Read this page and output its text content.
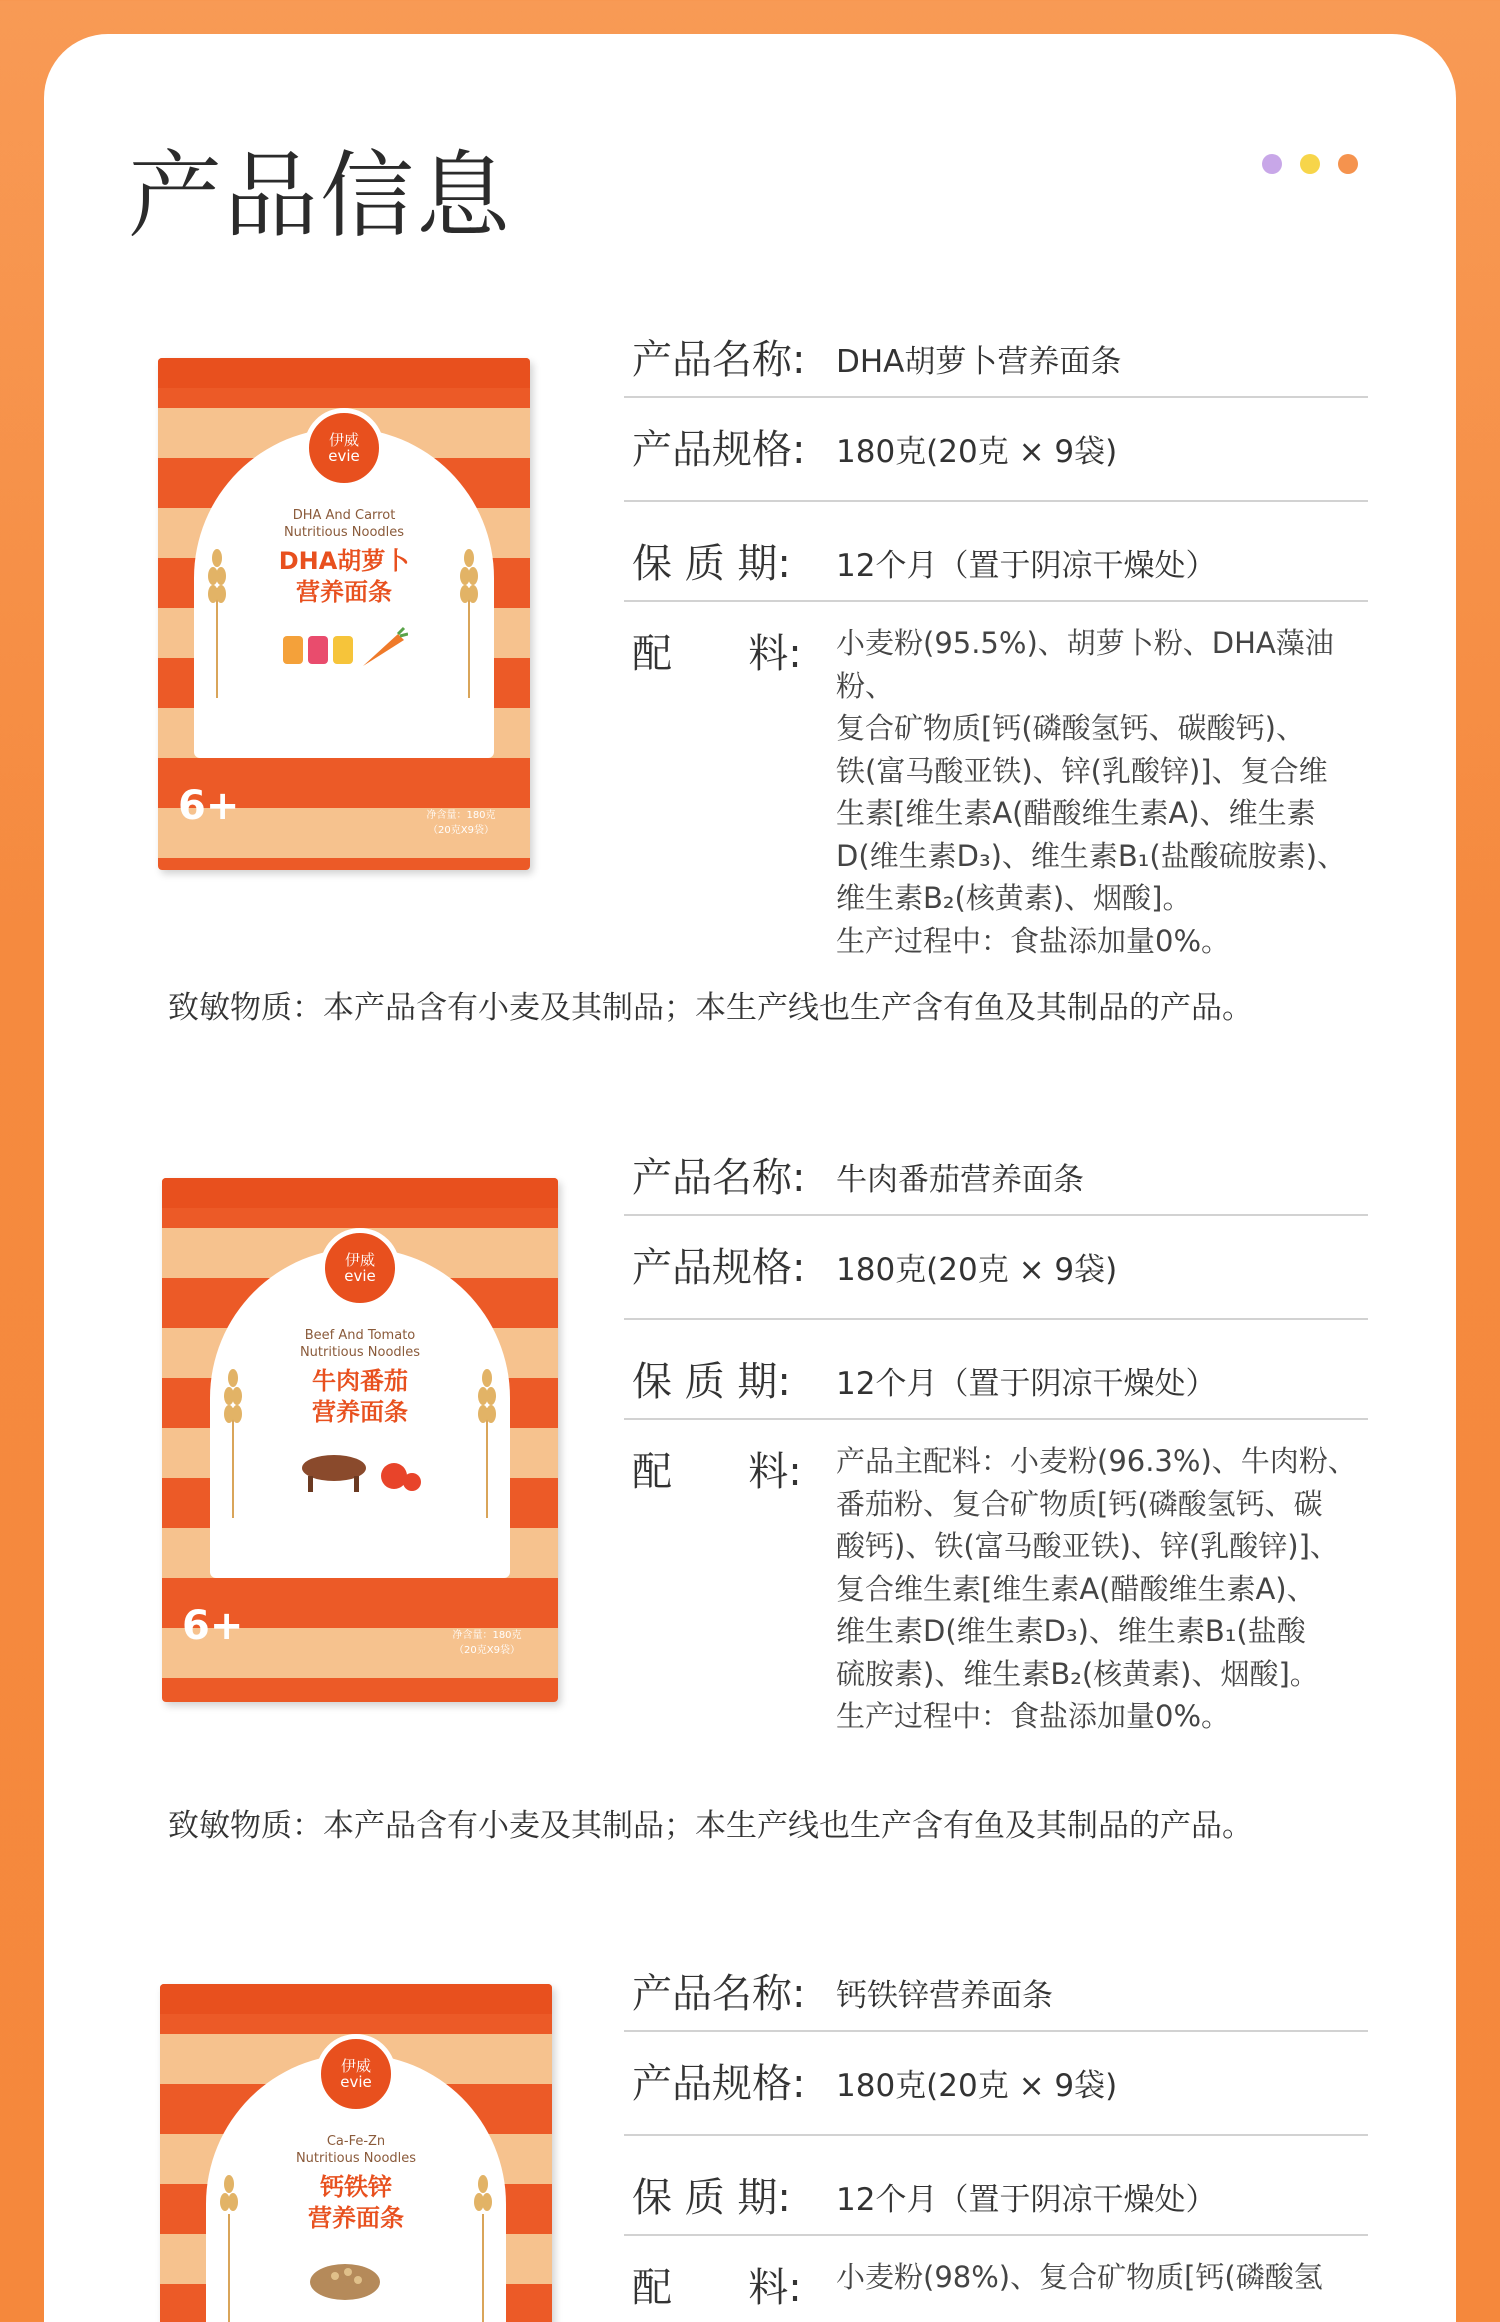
产品信息
伊威
evie
DHA And Carrot
Nutritious Noodles
DHA胡萝卜
营养面条
6+	净含量：180克
（20克X9袋）
产品名称: DHA胡萝卜营养面条
产品规格: 180克(20克 × 9袋)
保 质 期: 12个月（置于阴凉干燥处）
配      料: 小麦粉(95.5%)、胡萝卜粉、DHA藻油粉、
复合矿物质[钙(磷酸氢钙、碳酸钙)、
铁(富马酸亚铁)、锌(乳酸锌)]、复合维
生素[维生素A(醋酸维生素A)、维生素
D(维生素D₃)、维生素B₁(盐酸硫胺素)、
维生素B₂(核黄素)、烟酸]。
生产过程中：食盐添加量0%。
致敏物质：本产品含有小麦及其制品；本生产线也生产含有鱼及其制品的产品。
伊威
evie
Beef And Tomato
Nutritious Noodles
牛肉番茄
营养面条
6+	净含量：180克
（20克X9袋）
产品名称: 牛肉番茄营养面条
产品规格: 180克(20克 × 9袋)
保 质 期: 12个月（置于阴凉干燥处）
配      料: 产品主配料：小麦粉(96.3%)、牛肉粉、
番茄粉、复合矿物质[钙(磷酸氢钙、碳
酸钙)、铁(富马酸亚铁)、锌(乳酸锌)]、
复合维生素[维生素A(醋酸维生素A)、
维生素D(维生素D₃)、维生素B₁(盐酸
硫胺素)、维生素B₂(核黄素)、烟酸]。
生产过程中：食盐添加量0%。
致敏物质：本产品含有小麦及其制品；本生产线也生产含有鱼及其制品的产品。
伊威
evie
Ca-Fe-Zn
Nutritious Noodles
钙铁锌
营养面条
产品名称: 钙铁锌营养面条
产品规格: 180克(20克 × 9袋)
保 质 期: 12个月（置于阴凉干燥处）
配      料: 小麦粉(98%)、复合矿物质[钙(磷酸氢
